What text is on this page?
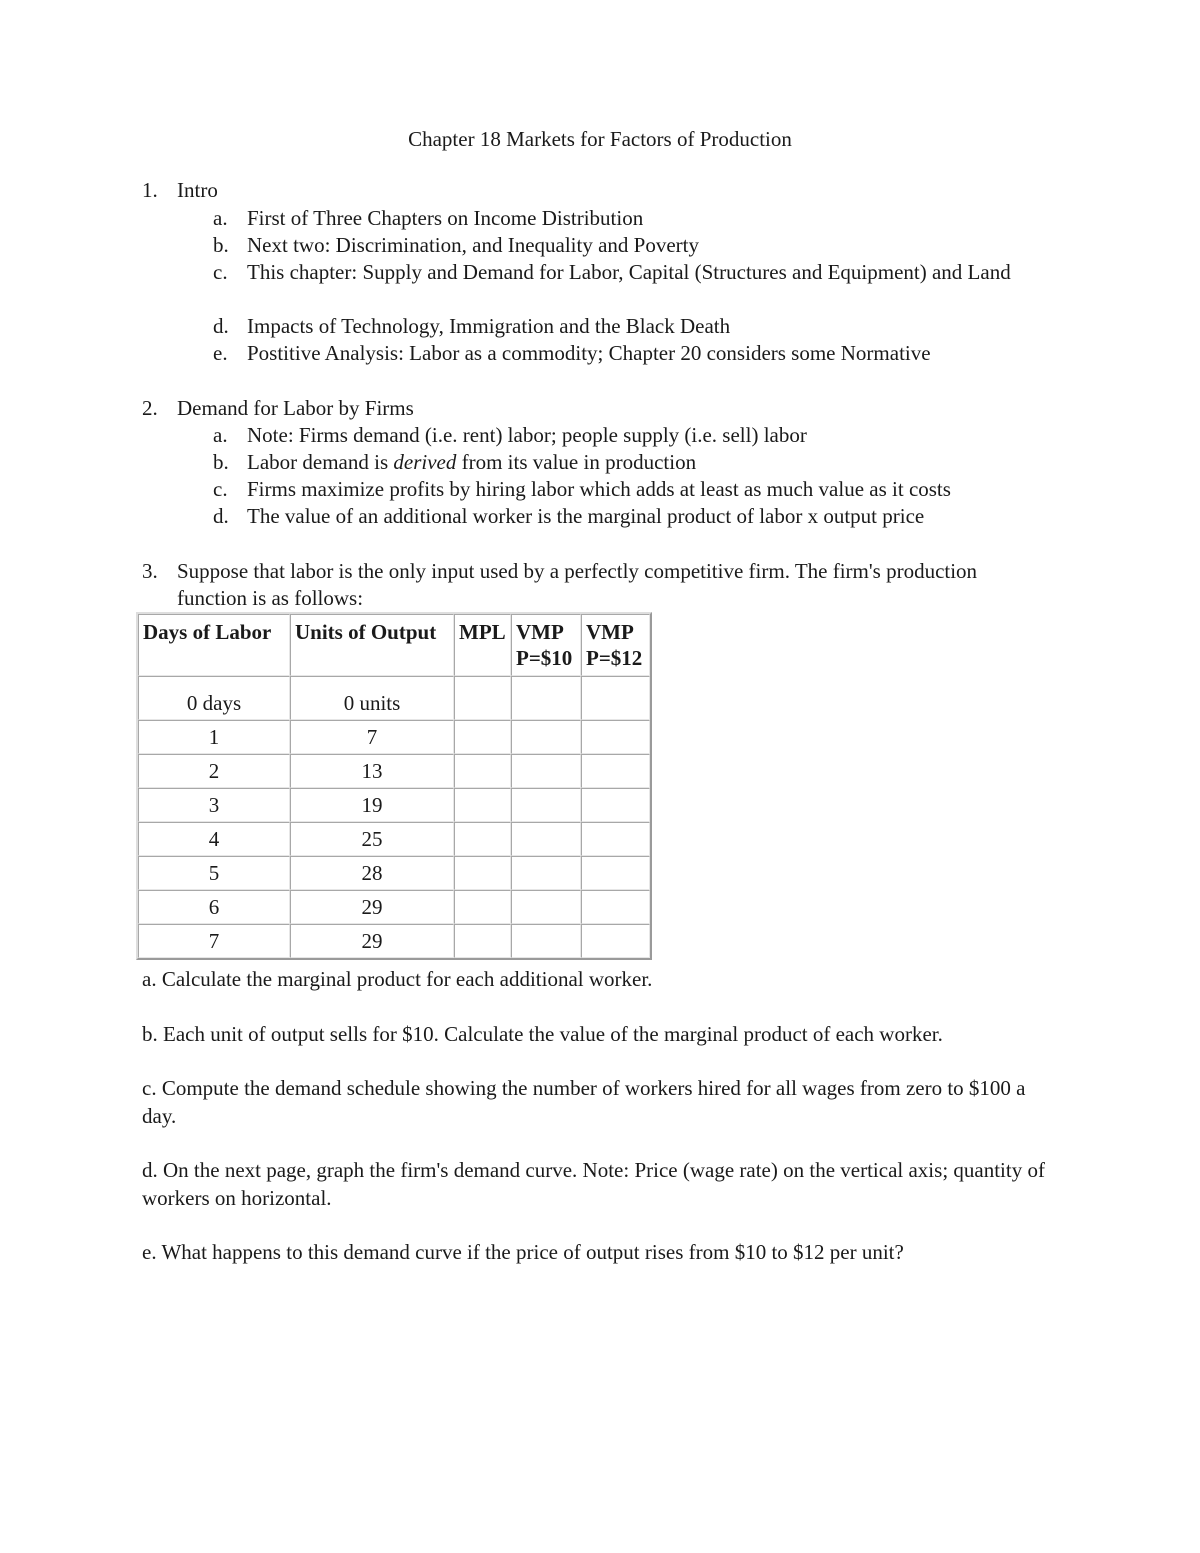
Chapter 18 Markets for Factors of Production
1. Intro
a. First of Three Chapters on Income Distribution
b. Next two: Discrimination, and Inequality and Poverty
c. This chapter: Supply and Demand for Labor, Capital (Structures and Equipment) and Land
d. Impacts of Technology, Immigration and the Black Death
e. Postitive Analysis: Labor as a commodity; Chapter 20 considers some Normative
2. Demand for Labor by Firms
a. Note: Firms demand (i.e. rent) labor; people supply (i.e. sell) labor
b. Labor demand is derived from its value in production
c. Firms maximize profits by hiring labor which adds at least as much value as it costs
d. The value of an additional worker is the marginal product of labor x output price
3. Suppose that labor is the only input used by a perfectly competitive firm. The firm's production function is as follows:
Days of Labor	Units of Output	MPL	VMP P=$10	VMP P=$12
0 days	0 units			
1	7			
2	13			
3	19			
4	25			
5	28			
6	29			
7	29			
a. Calculate the marginal product for each additional worker.
b. Each unit of output sells for $10. Calculate the value of the marginal product of each worker.
c. Compute the demand schedule showing the number of workers hired for all wages from zero to $100 a day.
d. On the next page, graph the firm's demand curve. Note: Price (wage rate) on the vertical axis; quantity of workers on horizontal.
e. What happens to this demand curve if the price of output rises from $10 to $12 per unit?
